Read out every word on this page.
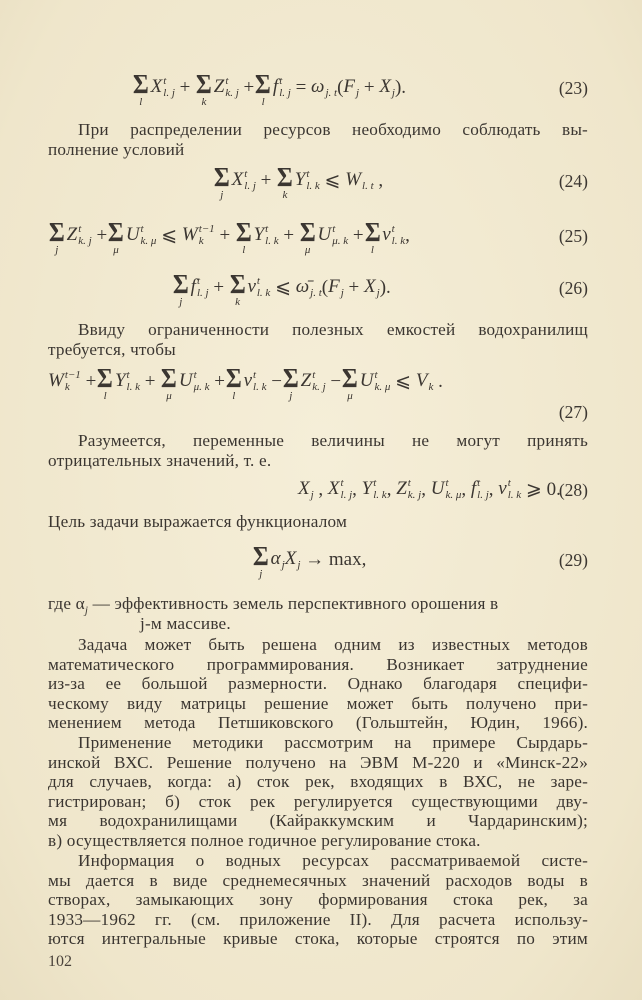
Σ
l
X t
l. j + Σ
k
Z t
k. j + Σ
l
f t
l. j = ω
j. t ( F
j + X
j ).	(23)
При распределении ресурсов необходимо соблюдать вы-
полнение условий
Σ
j
X t
l. j + Σ
k
Y t
l. k ⩽ W
l. t ,	(24)
Σ
j
Z t
k. j + Σ
μ
U t
k. μ ⩽ W t−1
k + Σ
l
Y t
l. k + Σ
μ
U t
μ. k + Σ
l
v t
l. k ,	(25)
Σ
j
f t
l. j + Σ
k
v t
l. k ⩽ ω̄
j. t ( F
j + X
j ).	(26)
Ввиду ограниченности полезных емкостей водохранилищ
требуется, чтобы
W t−1
k + Σ
l
Y t
l. k + Σ
μ
U t
μ. k + Σ
l
v t
l. k − Σ
j
Z t
k. j − Σ
μ
U t
k. μ ⩽ V
k .
(27)
Разумеется, переменные величины не могут принять
отрицательных значений, т. е.
X
j , X t
l. j , Y t
l. k , Z t
k. j , U t
k. μ , f t
l. j , v t
l. k ⩾ 0.
(28)
Цель задачи выражается функционалом
Σ
j
α
j X
j → max,	(29)
где $\alpha_j$ — эффективность земель перспективного орошения в
j-м массиве.
Задача может быть решена одним из известных методов
математического программирования. Возникает затруднение
из-за ее большой размерности. Однако благодаря специфи-
ческому виду матрицы решение может быть получено при-
менением метода Петшиковского (Гольштейн, Юдин, 1966).
Применение методики рассмотрим на примере Сырдарь-
инской ВХС. Решение получено на ЭВМ М-220 и «Минск-22»
для случаев, когда: а) сток рек, входящих в ВХС, не заре-
гистрирован; б) сток рек регулируется существующими дву-
мя водохранилищами (Кайраккумским и Чардаринским);
в) осуществляется полное годичное регулирование стока.
Информация о водных ресурсах рассматриваемой систе-
мы дается в виде среднемесячных значений расходов воды в
створах, замыкающих зону формирования стока рек, за
1933—1962 гг. (см. приложение II). Для расчета использу-
ются интегральные кривые стока, которые строятся по этим
102
